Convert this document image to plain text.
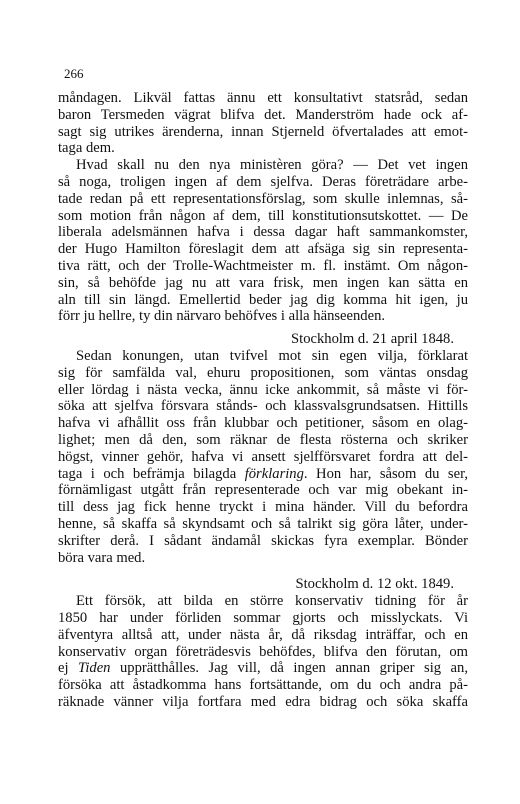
266
måndagen. Likväl fattas ännu ett konsultativt statsråd, sedan
baron Tersmeden vägrat blifva det. Manderström hade ock af-
sagt sig utrikes ärenderna, innan Stjerneld öfvertalades att emot-
taga dem.
Hvad skall nu den nya ministèren göra? — Det vet ingen
så noga, troligen ingen af dem sjelfva. Deras företrädare arbe-
tade redan på ett representationsförslag, som skulle inlemnas, så-
som motion från någon af dem, till konstitutionsutskottet. — De
liberala adelsmännen hafva i dessa dagar haft sammankomster,
der Hugo Hamilton föreslagit dem att afsäga sig sin representa-
tiva rätt, och der Trolle-Wachtmeister m. fl. instämt. Om någon-
sin, så behöfde jag nu att vara frisk, men ingen kan sätta en
aln till sin längd. Emellertid beder jag dig komma hit igen, ju
förr ju hellre, ty din närvaro behöfves i alla hänseenden.
Stockholm d. 21 april 1848.
Sedan konungen, utan tvifvel mot sin egen vilja, förklarat
sig för samfälda val, ehuru propositionen, som väntas onsdag
eller lördag i nästa vecka, ännu icke ankommit, så måste vi för-
söka att sjelfva försvara stånds- och klassvalsgrundsatsen. Hittills
hafva vi afhållit oss från klubbar och petitioner, såsom en olag-
lighet; men då den, som räknar de flesta rösterna och skriker
högst, vinner gehör, hafva vi ansett sjelfförsvaret fordra att del-
taga i och befrämja bilagda förklaring. Hon har, såsom du ser,
förnämligast utgått från representerade och var mig obekant in-
till dess jag fick henne tryckt i mina händer. Vill du befordra
henne, så skaffa så skyndsamt och så talrikt sig göra låter, under-
skrifter derå. I sådant ändamål skickas fyra exemplar. Bönder
böra vara med.
Stockholm d. 12 okt. 1849.
Ett försök, att bilda en större konservativ tidning för år
1850 har under förliden sommar gjorts och misslyckats. Vi
äfventyra alltså att, under nästa år, då riksdag inträffar, och en
konservativ organ företrädesvis behöfdes, blifva den förutan, om
ej Tiden upprätthålles. Jag vill, då ingen annan griper sig an,
försöka att åstadkomma hans fortsättande, om du och andra på-
räknade vänner vilja fortfara med edra bidrag och söka skaffa
